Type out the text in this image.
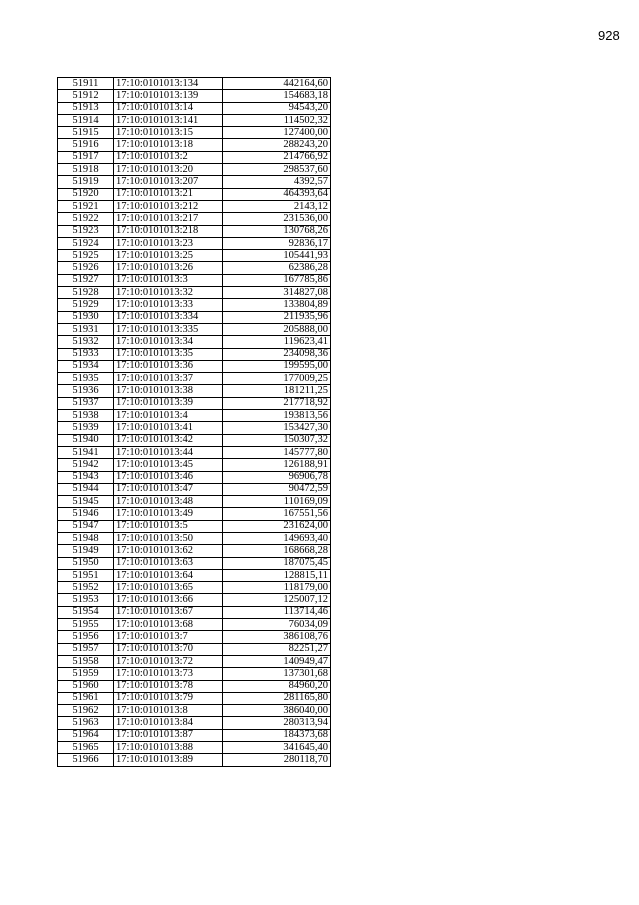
928
51911	17:10:0101013:134	442164,60
51912	17:10:0101013:139	154683,18
51913	17:10:0101013:14	94543,20
51914	17:10:0101013:141	114502,32
51915	17:10:0101013:15	127400,00
51916	17:10:0101013:18	288243,20
51917	17:10:0101013:2	214766,92
51918	17:10:0101013:20	298537,60
51919	17:10:0101013:207	4392,57
51920	17:10:0101013:21	464393,64
51921	17:10:0101013:212	2143,12
51922	17:10:0101013:217	231536,00
51923	17:10:0101013:218	130768,26
51924	17:10:0101013:23	92836,17
51925	17:10:0101013:25	105441,93
51926	17:10:0101013:26	62386,28
51927	17:10:0101013:3	167785,86
51928	17:10:0101013:32	314827,08
51929	17:10:0101013:33	133804,89
51930	17:10:0101013:334	211935,96
51931	17:10:0101013:335	205888,00
51932	17:10:0101013:34	119623,41
51933	17:10:0101013:35	234098,36
51934	17:10:0101013:36	199595,00
51935	17:10:0101013:37	177009,25
51936	17:10:0101013:38	181211,25
51937	17:10:0101013:39	217718,92
51938	17:10:0101013:4	193813,56
51939	17:10:0101013:41	153427,30
51940	17:10:0101013:42	150307,32
51941	17:10:0101013:44	145777,80
51942	17:10:0101013:45	126188,91
51943	17:10:0101013:46	96906,78
51944	17:10:0101013:47	90472,59
51945	17:10:0101013:48	110169,09
51946	17:10:0101013:49	167551,56
51947	17:10:0101013:5	231624,00
51948	17:10:0101013:50	149693,40
51949	17:10:0101013:62	168668,28
51950	17:10:0101013:63	187075,45
51951	17:10:0101013:64	128815,11
51952	17:10:0101013:65	118179,00
51953	17:10:0101013:66	125007,12
51954	17:10:0101013:67	113714,46
51955	17:10:0101013:68	76034,09
51956	17:10:0101013:7	386108,76
51957	17:10:0101013:70	82251,27
51958	17:10:0101013:72	140949,47
51959	17:10:0101013:73	137301,68
51960	17:10:0101013:78	84960,20
51961	17:10:0101013:79	281165,80
51962	17:10:0101013:8	386040,00
51963	17:10:0101013:84	280313,94
51964	17:10:0101013:87	184373,68
51965	17:10:0101013:88	341645,40
51966	17:10:0101013:89	280118,70
